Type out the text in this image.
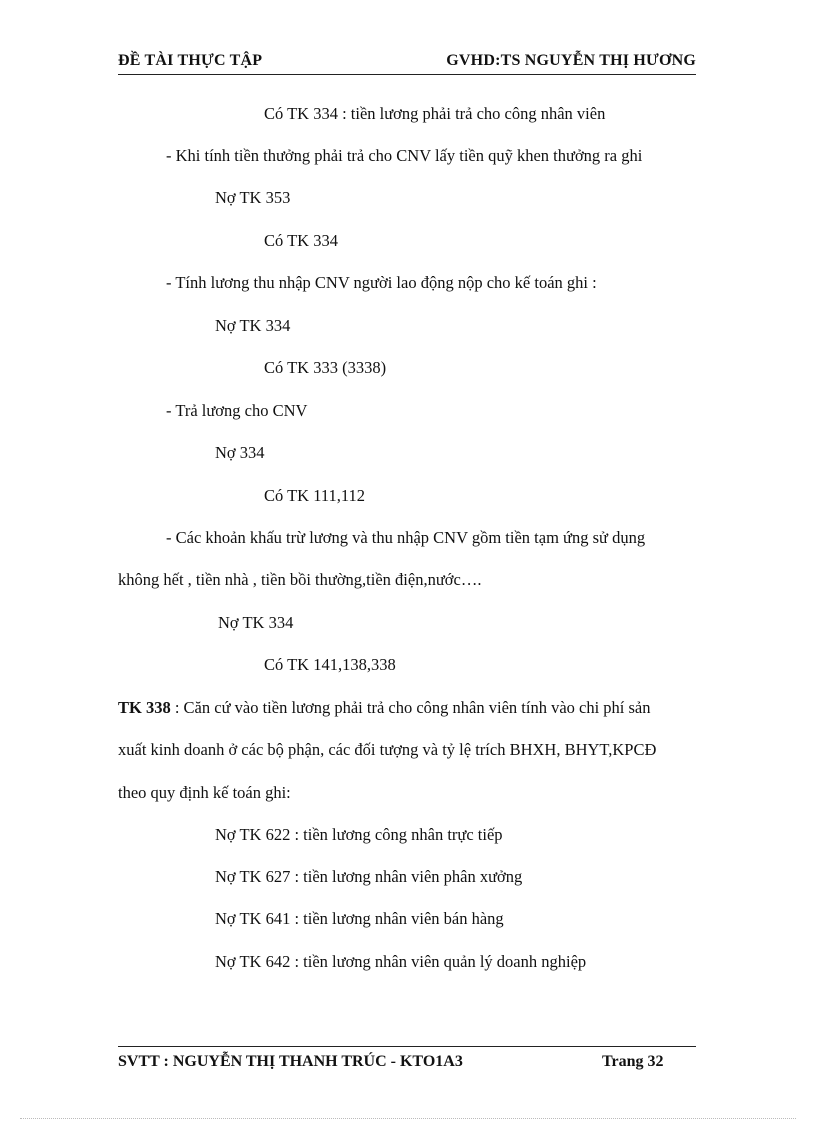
ĐỀ TÀI THỰC TẬP	GVHD:TS NGUYỄN THỊ HƯƠNG
Có TK 334 : tiền lương phải trả cho công nhân viên
- Khi tính tiền thưởng phải trả cho CNV lấy tiền quỹ khen thưởng ra ghi
Nợ TK 353
Có TK 334
- Tính lương thu nhập CNV người lao động nộp cho kế toán ghi :
Nợ TK 334
Có TK 333 (3338)
- Trả lương cho CNV
Nợ 334
Có TK 111,112
- Các khoản khấu trừ lương và thu nhập CNV gồm tiền tạm ứng sử dụng
không hết , tiền nhà , tiền bồi thường,tiền điện,nước….
Nợ TK 334
Có TK 141,138,338
TK 338 : Căn cứ vào tiền lương phải trả cho công nhân viên tính vào chi phí sản
xuất kinh doanh ở các bộ phận, các đối tượng và tỷ lệ trích BHXH, BHYT,KPCĐ
theo quy định kế toán ghi:
Nợ TK 622 : tiền lương công nhân trực tiếp
Nợ TK 627 : tiền lương nhân viên phân xưởng
Nợ TK 641 : tiền lương nhân viên bán hàng
Nợ TK 642 : tiền lương nhân viên quản lý doanh nghiệp
SVTT : NGUYỄN THỊ THANH TRÚC - KTO1A3	Trang 32
